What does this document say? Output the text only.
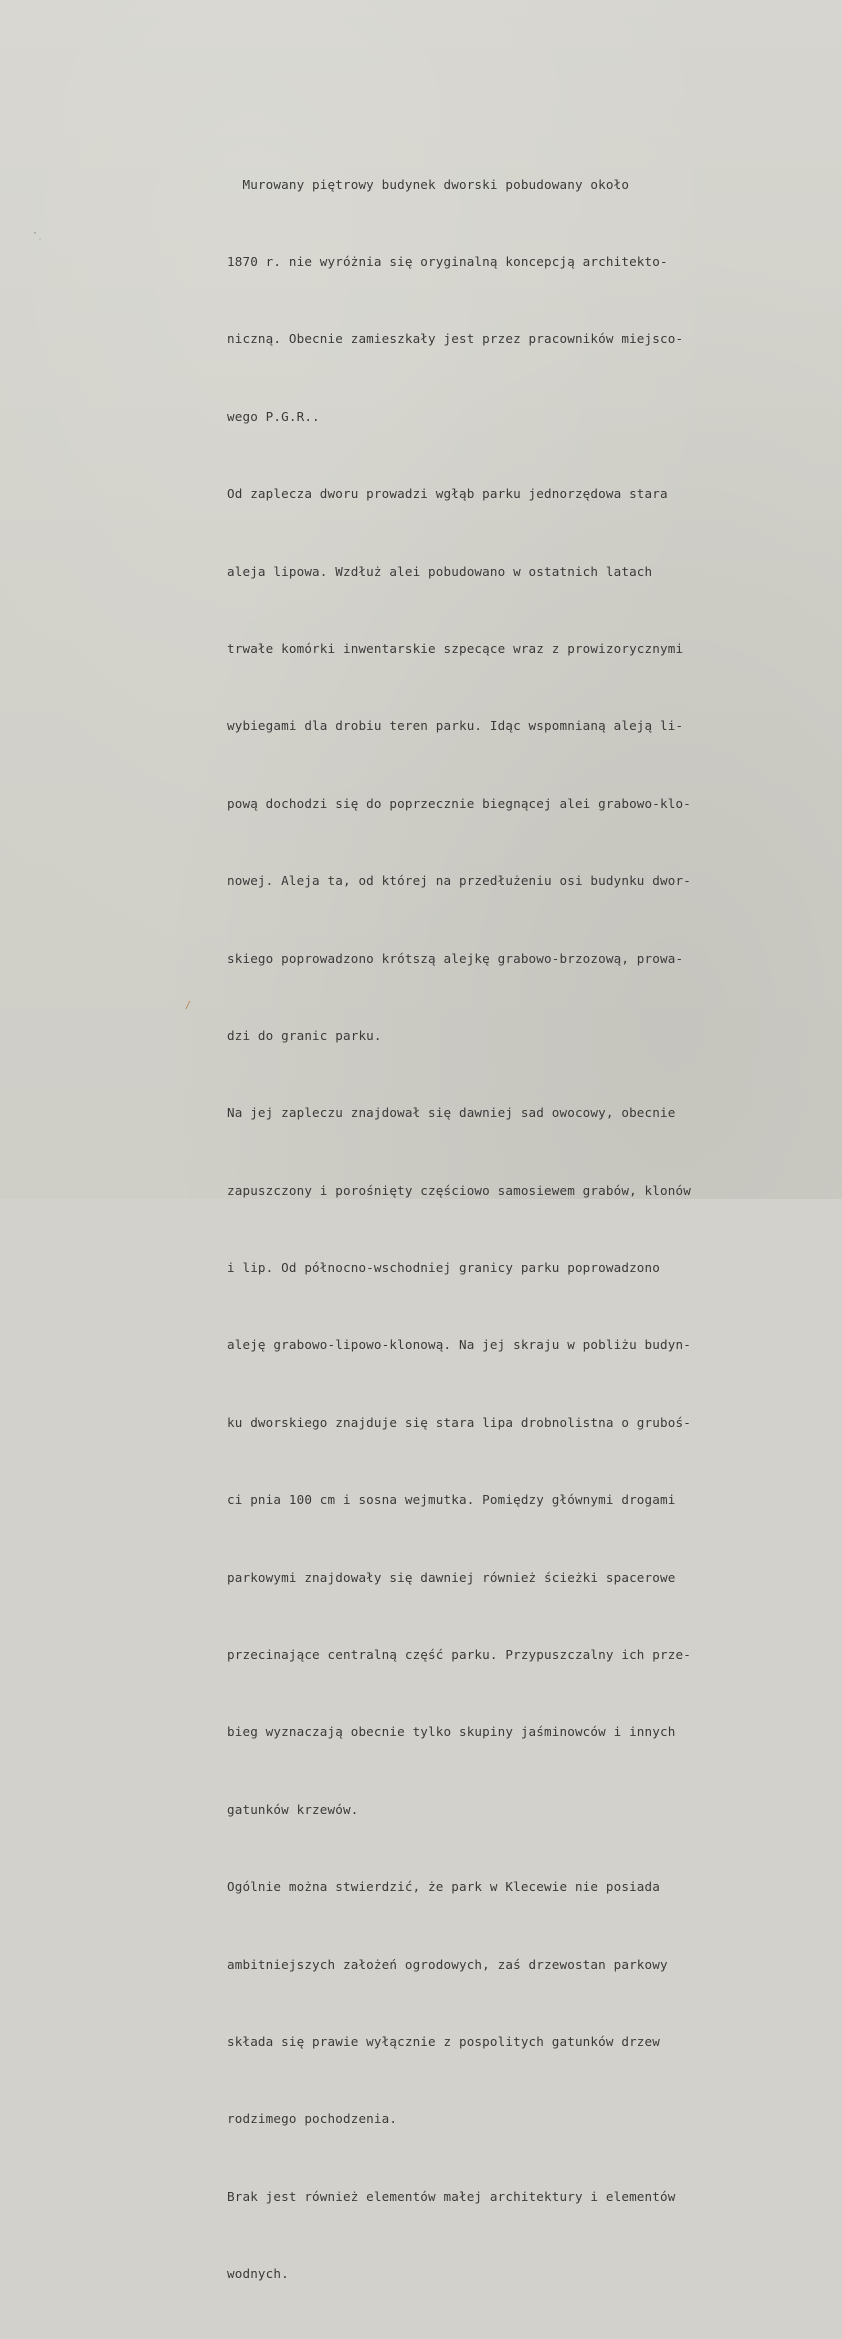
·
˙
/

Murowany piętrowy budynek dworski pobudowany około

1870 r. nie wyróżnia się oryginalną koncepcją architekto-

niczną. Obecnie zamieszkały jest przez pracowników miejsco-

wego P.G.R..

Od zaplecza dworu prowadzi wgłąb parku jednorzędowa stara

aleja lipowa. Wzdłuż alei pobudowano w ostatnich latach

trwałe komórki inwentarskie szpecące wraz z prowizorycznymi

wybiegami dla drobiu teren parku. Idąc wspomnianą aleją li-

pową dochodzi się do poprzecznie biegnącej alei grabowo-klo-

nowej. Aleja ta, od której na przedłużeniu osi budynku dwor-

skiego poprowadzono krótszą alejkę grabowo-brzozową, prowa-

dzi do granic parku.

Na jej zapleczu znajdował się dawniej sad owocowy, obecnie

zapuszczony i porośnięty częściowo samosiewem grabów, klonów

i lip. Od północno-wschodniej granicy parku poprowadzono

aleję grabowo-lipowo-klonową. Na jej skraju w pobliżu budyn-

ku dworskiego znajduje się stara lipa drobnolistna o gruboś-

ci pnia 100 cm i sosna wejmutka. Pomiędzy głównymi drogami

parkowymi znajdowały się dawniej również ścieżki spacerowe

przecinające centralną część parku. Przypuszczalny ich prze-

bieg wyznaczają obecnie tylko skupiny jaśminowców i innych

gatunków krzewów.

Ogólnie można stwierdzić, że park w Klecewie nie posiada

ambitniejszych założeń ogrodowych, zaś drzewostan parkowy

składa się prawie wyłącznie z pospolitych gatunków drzew

rodzimego pochodzenia.

Brak jest również elementów małej architektury i elementów

wodnych.
